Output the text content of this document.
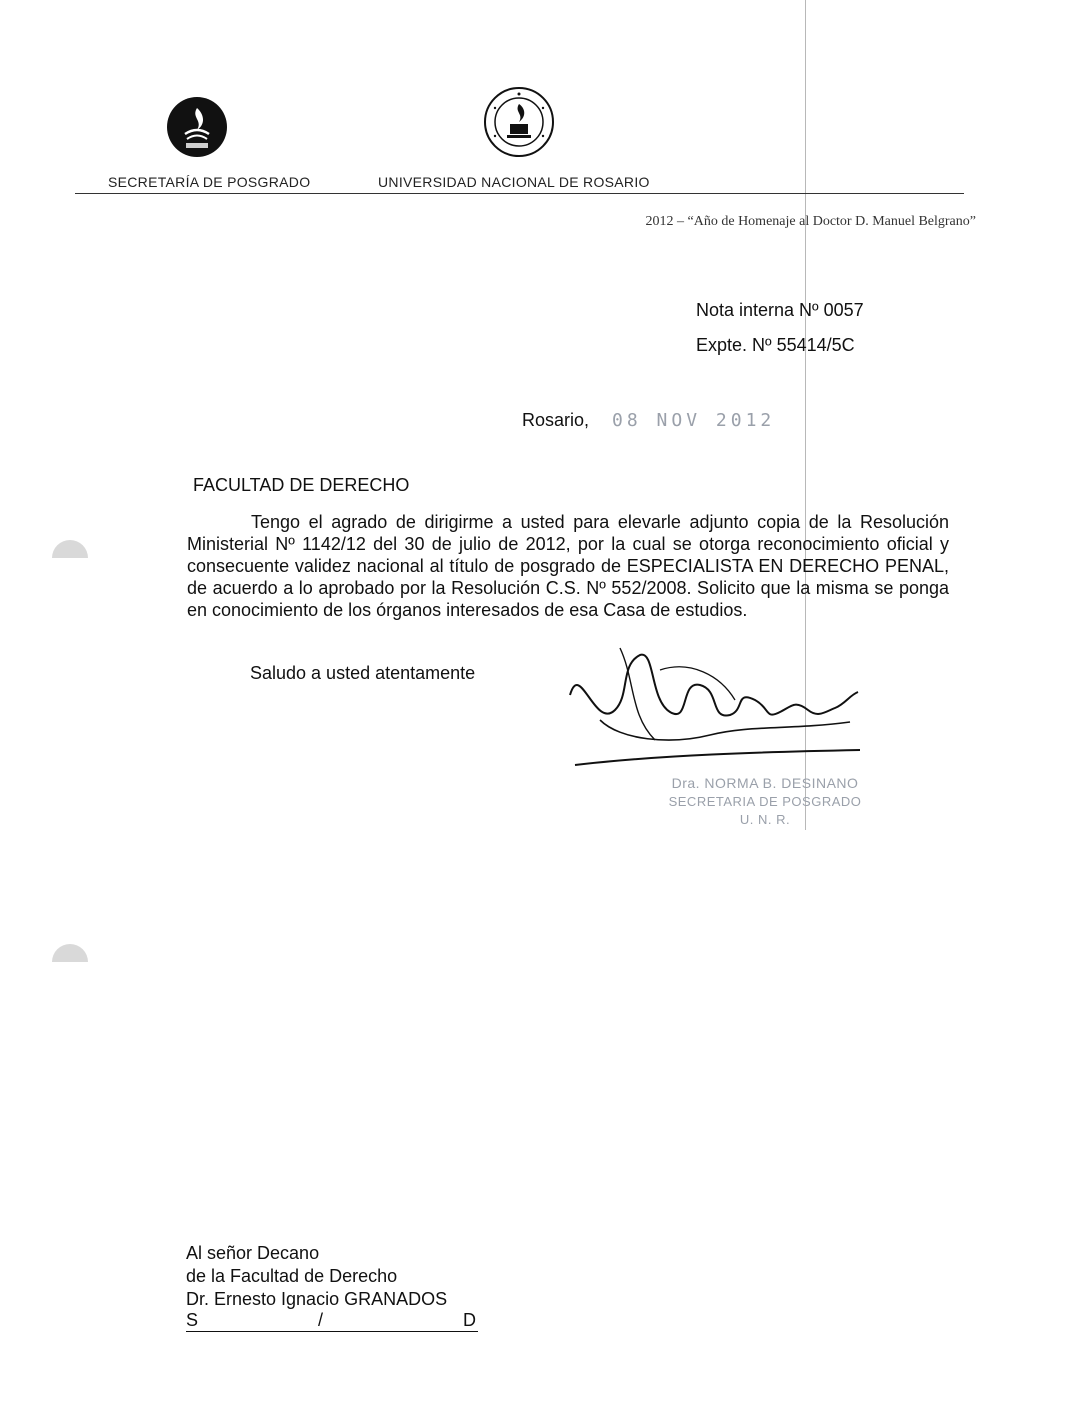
SECRETARÍA DE POSGRADO	UNIVERSIDAD NACIONAL DE ROSARIO
2012 – “Año de Homenaje al Doctor D. Manuel Belgrano”
Nota interna Nº 0057
Expte. Nº 55414/5C
Rosario, 08 NOV 2012
FACULTAD DE DERECHO
Tengo el agrado de dirigirme a usted para elevarle adjunto copia de la Resolución Ministerial Nº 1142/12 del 30 de julio de 2012, por la cual se otorga reconocimiento oficial y consecuente validez nacional al título de posgrado de ESPECIALISTA EN DERECHO PENAL, de acuerdo a lo aprobado por la Resolución C.S. Nº 552/2008. Solicito que la misma se ponga en conocimiento de los órganos interesados de esa Casa de estudios.
Saludo a usted atentamente
Dra. NORMA B. DESINANO
SECRETARIA DE POSGRADO
U. N. R.
Al señor Decano
de la Facultad de Derecho
Dr. Ernesto Ignacio GRANADOS
S	/	D
